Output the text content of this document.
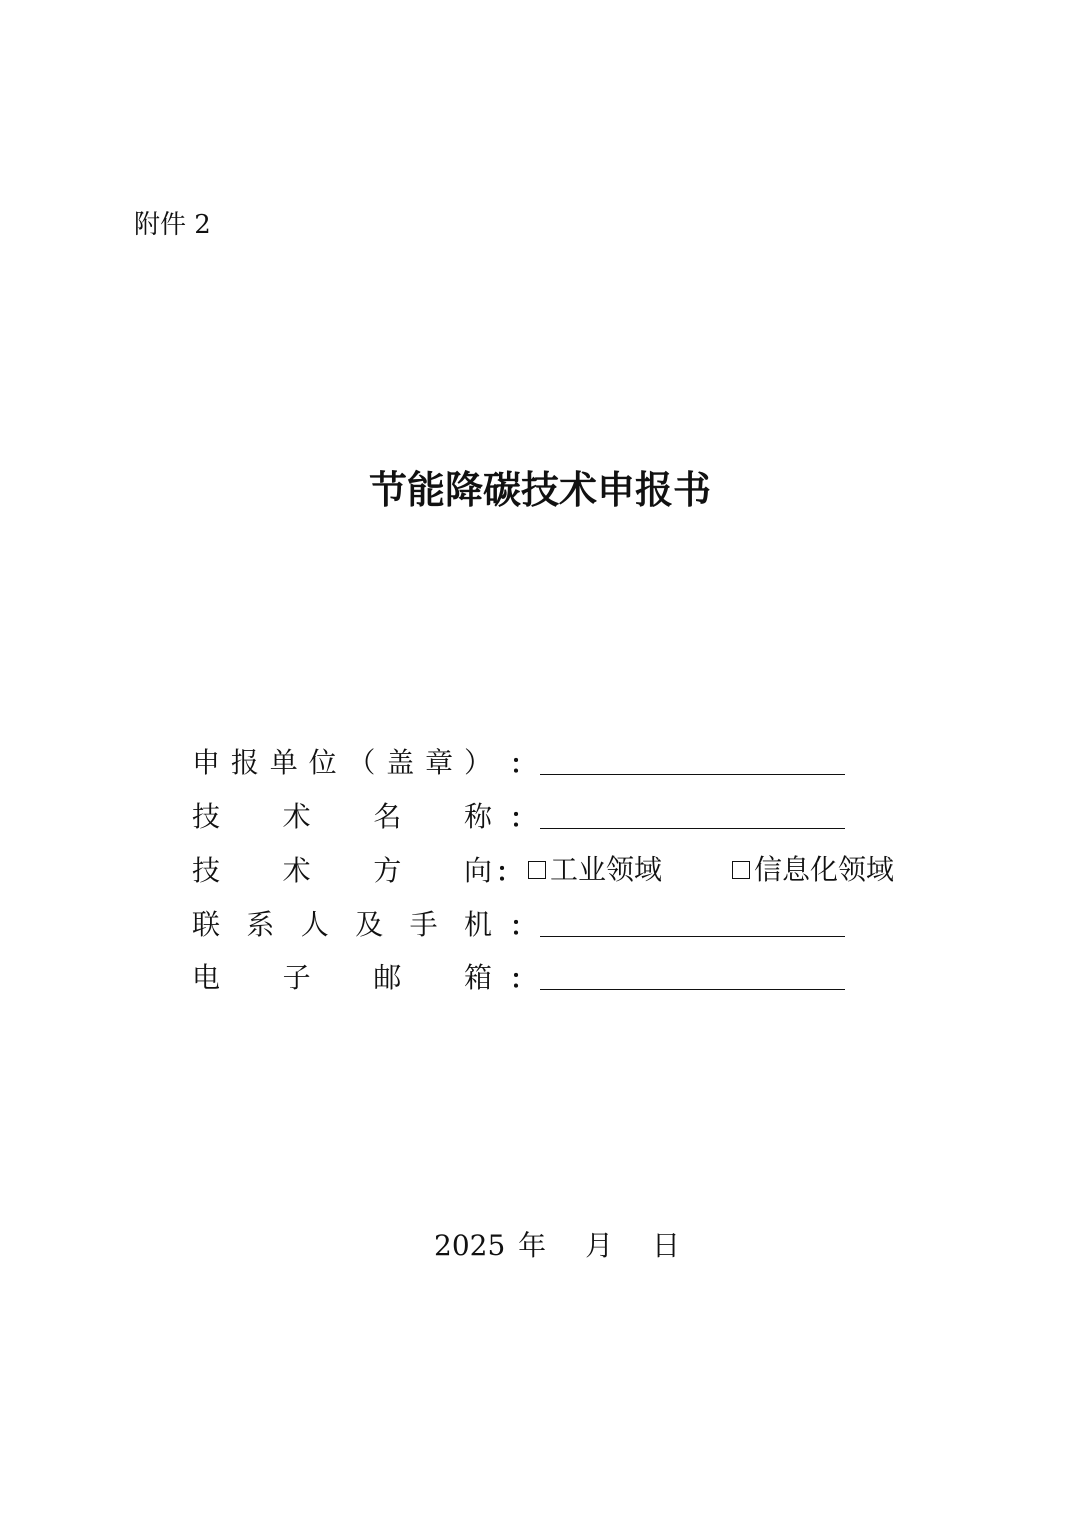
附件 2
节能降碳技术申报书
申报单位（盖章） ：
技术名称 ：
技术方向 ： 工业领域	信息化领域
联系人及手机 ：
电子邮箱 ：
2025 年 月 日
